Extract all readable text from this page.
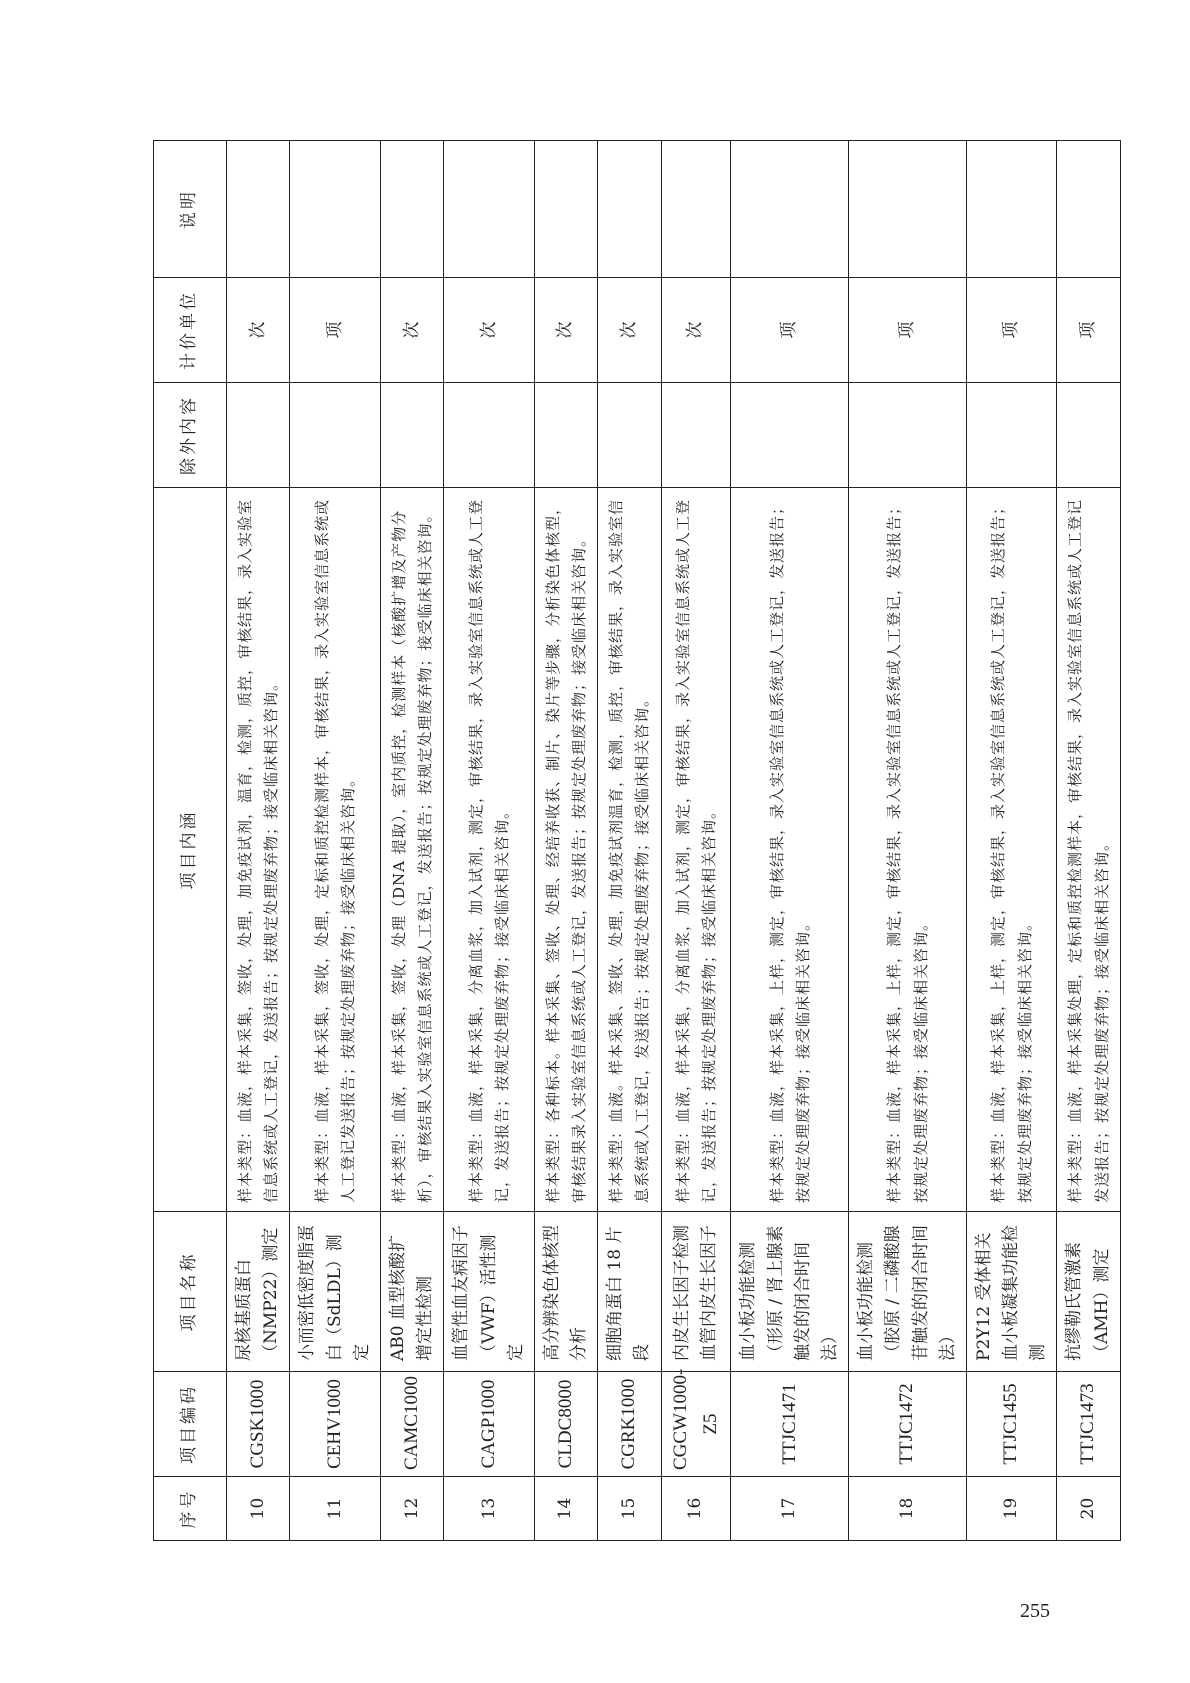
序号	项目编码	项目名称	项目内涵	除外内容	计价单位	说明
10	CGSK1000	尿核基质蛋白（NMP22）测定	样本类型：血液，样本采集，签收，处理，加免疫试剂，温育，检测，质控，审核结果，录入实验室信息系统或人工登记，发送报告；按规定处理废弃物；接受临床相关咨询。		次	
11	CEHV1000	小而密低密度脂蛋白（SdLDL）测定	样本类型：血液，样本采集，签收，处理，定标和质控检测样本，审核结果，录入实验室信息系统或人工登记发送报告；按规定处理废弃物；接受临床相关咨询。		项	
12	CAMC1000	AB0 血型核酸扩增定性检测	样本类型：血液，样本采集，签收，处理（DNA 提取），室内质控，检测样本（核酸扩增及产物分析），审核结果入实验室信息系统或人工登记，发送报告；按规定处理废弃物；接受临床相关咨询。		次	
13	CAGP1000	血管性血友病因子（VWF）活性测定	样本类型：血液，样本采集，分离血浆，加入试剂，测定，审核结果，录入实验室信息系统或人工登记，发送报告；按规定处理废弃物；接受临床相关咨询。		次	
14	CLDC8000	高分辨染色体核型分析	样本类型：各种标本。样本采集、签收、处理、经培养收获、制片、染片等步骤，分析染色体核型，审核结果录入实验室信息系统或人工登记，发送报告；按规定处理废弃物；接受临床相关咨询。		次	
15	CGRK1000	细胞角蛋白 18 片段	样本类型：血液。样本采集、签收、处理，加免疫试剂温育，检测，质控，审核结果，录入实验室信息系统或人工登记，发送报告；按规定处理废弃物；接受临床相关咨询。		次	
16	CGCW1000-Z5	内皮生长因子检测血管内皮生长因子	样本类型：血液，样本采集，分离血浆，加入试剂，测定，审核结果，录入实验室信息系统或人工登记，发送报告；按规定处理废弃物；接受临床相关咨询。		次	
17	TTJC1471	血小板功能检测（形原 / 肾上腺素触发的闭合时间法）	样本类型：血液，样本采集，上样，测定，审核结果，录入实验室信息系统或人工登记，发送报告；按规定处理废弃物；接受临床相关咨询。		项	
18	TTJC1472	血小板功能检测（胶原 / 二磷酸腺苷触发的闭合时间法）	样本类型：血液，样本采集，上样，测定，审核结果，录入实验室信息系统或人工登记，发送报告；按规定处理废弃物；接受临床相关咨询。		项	
19	TTJC1455	P2Y12 受体相关血小板凝集功能检测	样本类型：血液，样本采集，上样，测定，审核结果，录入实验室信息系统或人工登记，发送报告；按规定处理废弃物；接受临床相关咨询。		项	
20	TTJC1473	抗缪勒氏管激素（AMH）测定	样本类型：血液，样本采集处理，定标和质控检测样本，审核结果，录入实验室信息系统或人工登记发送报告；按规定处理废弃物；接受临床相关咨询。		项	
255
